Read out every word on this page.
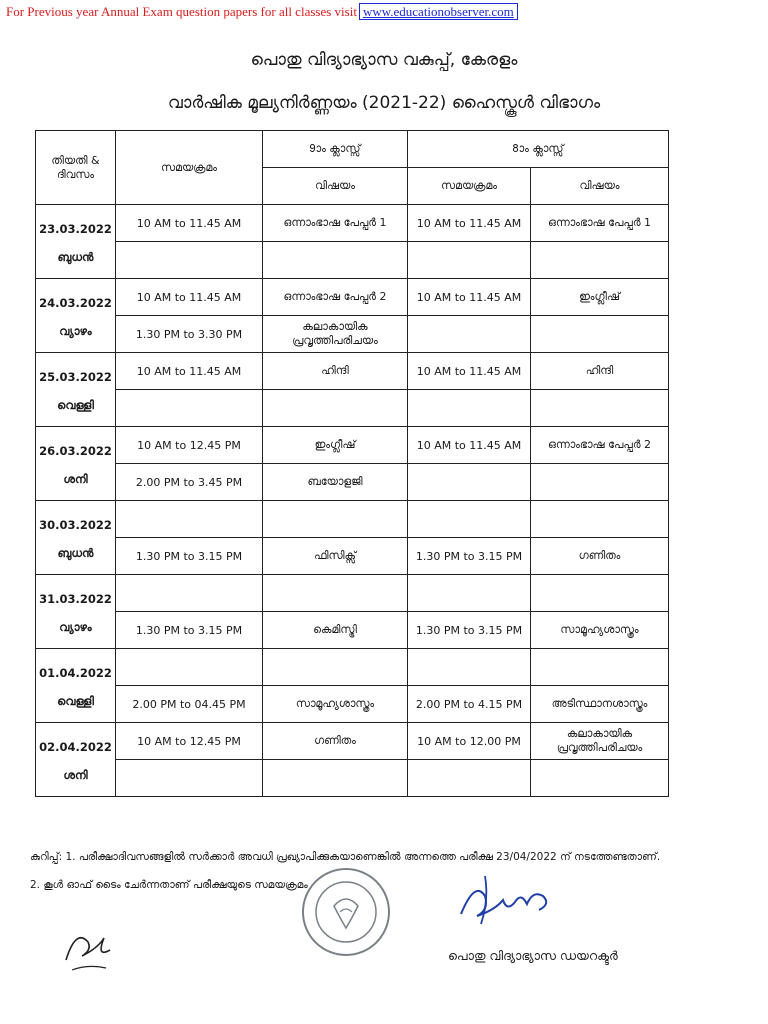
For Previous year Annual Exam question papers for all classes visit www.educationobserver.com
പൊതു വിദ്യാഭ്യാസ വകുപ്പ്, കേരളം
വാർഷിക മൂല്യനിർണ്ണയം (2021-22) ഹൈസ്കൂൾ വിഭാഗം
തിയതി & ദിവസം	സമയക്രമം	9ാം ക്ലാസ്സ്	8ാം ക്ലാസ്സ്	
		വിഷയം	സമയക്രമം	വിഷയം

23.03.2022
ബുധൻ	10 AM to 11.45 AM	ഒന്നാംഭാഷ പേപ്പർ 1	10 AM to 11.45 AM	ഒന്നാംഭാഷ പേപ്പർ 1

24.03.2022
വ്യാഴം	10 AM to 11.45 AM	ഒന്നാംഭാഷ പേപ്പർ 2	10 AM to 11.45 AM	ഇംഗ്ലീഷ്
	1.30 PM to 3.30 PM	കലാകായിക പ്രവൃത്തിപരിചയം		

25.03.2022
വെള്ളി	10 AM to 11.45 AM	ഹിന്ദി	10 AM to 11.45 AM	ഹിന്ദി

26.03.2022
ശനി	10 AM to 12.45 PM	ഇംഗ്ലീഷ്	10 AM to 11.45 AM	ഒന്നാംഭാഷ പേപ്പർ 2
	2.00 PM to 3.45 PM	ബയോളജി		

30.03.2022
ബുധൻ				

	1.30 PM to 3.15 PM	ഫിസിക്സ്	1.30 PM to 3.15 PM	ഗണിതം

31.03.2022
വ്യാഴം				

	1.30 PM to 3.15 PM	കെമിസ്ട്രി	1.30 PM to 3.15 PM	സാമൂഹ്യശാസ്ത്രം

01.04.2022
വെള്ളി				

	2.00 PM to 04.45 PM	സാമൂഹ്യശാസ്ത്രം	2.00 PM to 4.15 PM	അടിസ്ഥാനശാസ്ത്രം

02.04.2022
ശനി	10 AM to 12.45 PM	ഗണിതം	10 AM to 12.00 PM	കലാകായിക പ്രവൃത്തിപരിചയം

കുറിപ്പ്: 1. പരീക്ഷാദിവസങ്ങളിൽ സർക്കാർ അവധി പ്രഖ്യാപിക്കുകയാണെങ്കിൽ അന്നത്തെ പരീക്ഷ 23/04/2022 ന് നടത്തേണ്ടതാണ്.
2. കൂൾ ഓഫ് ടൈം ചേർന്നതാണ് പരീക്ഷയുടെ സമയക്രമം
പൊതു വിദ്യാഭ്യാസ ഡയറക്ടർ
